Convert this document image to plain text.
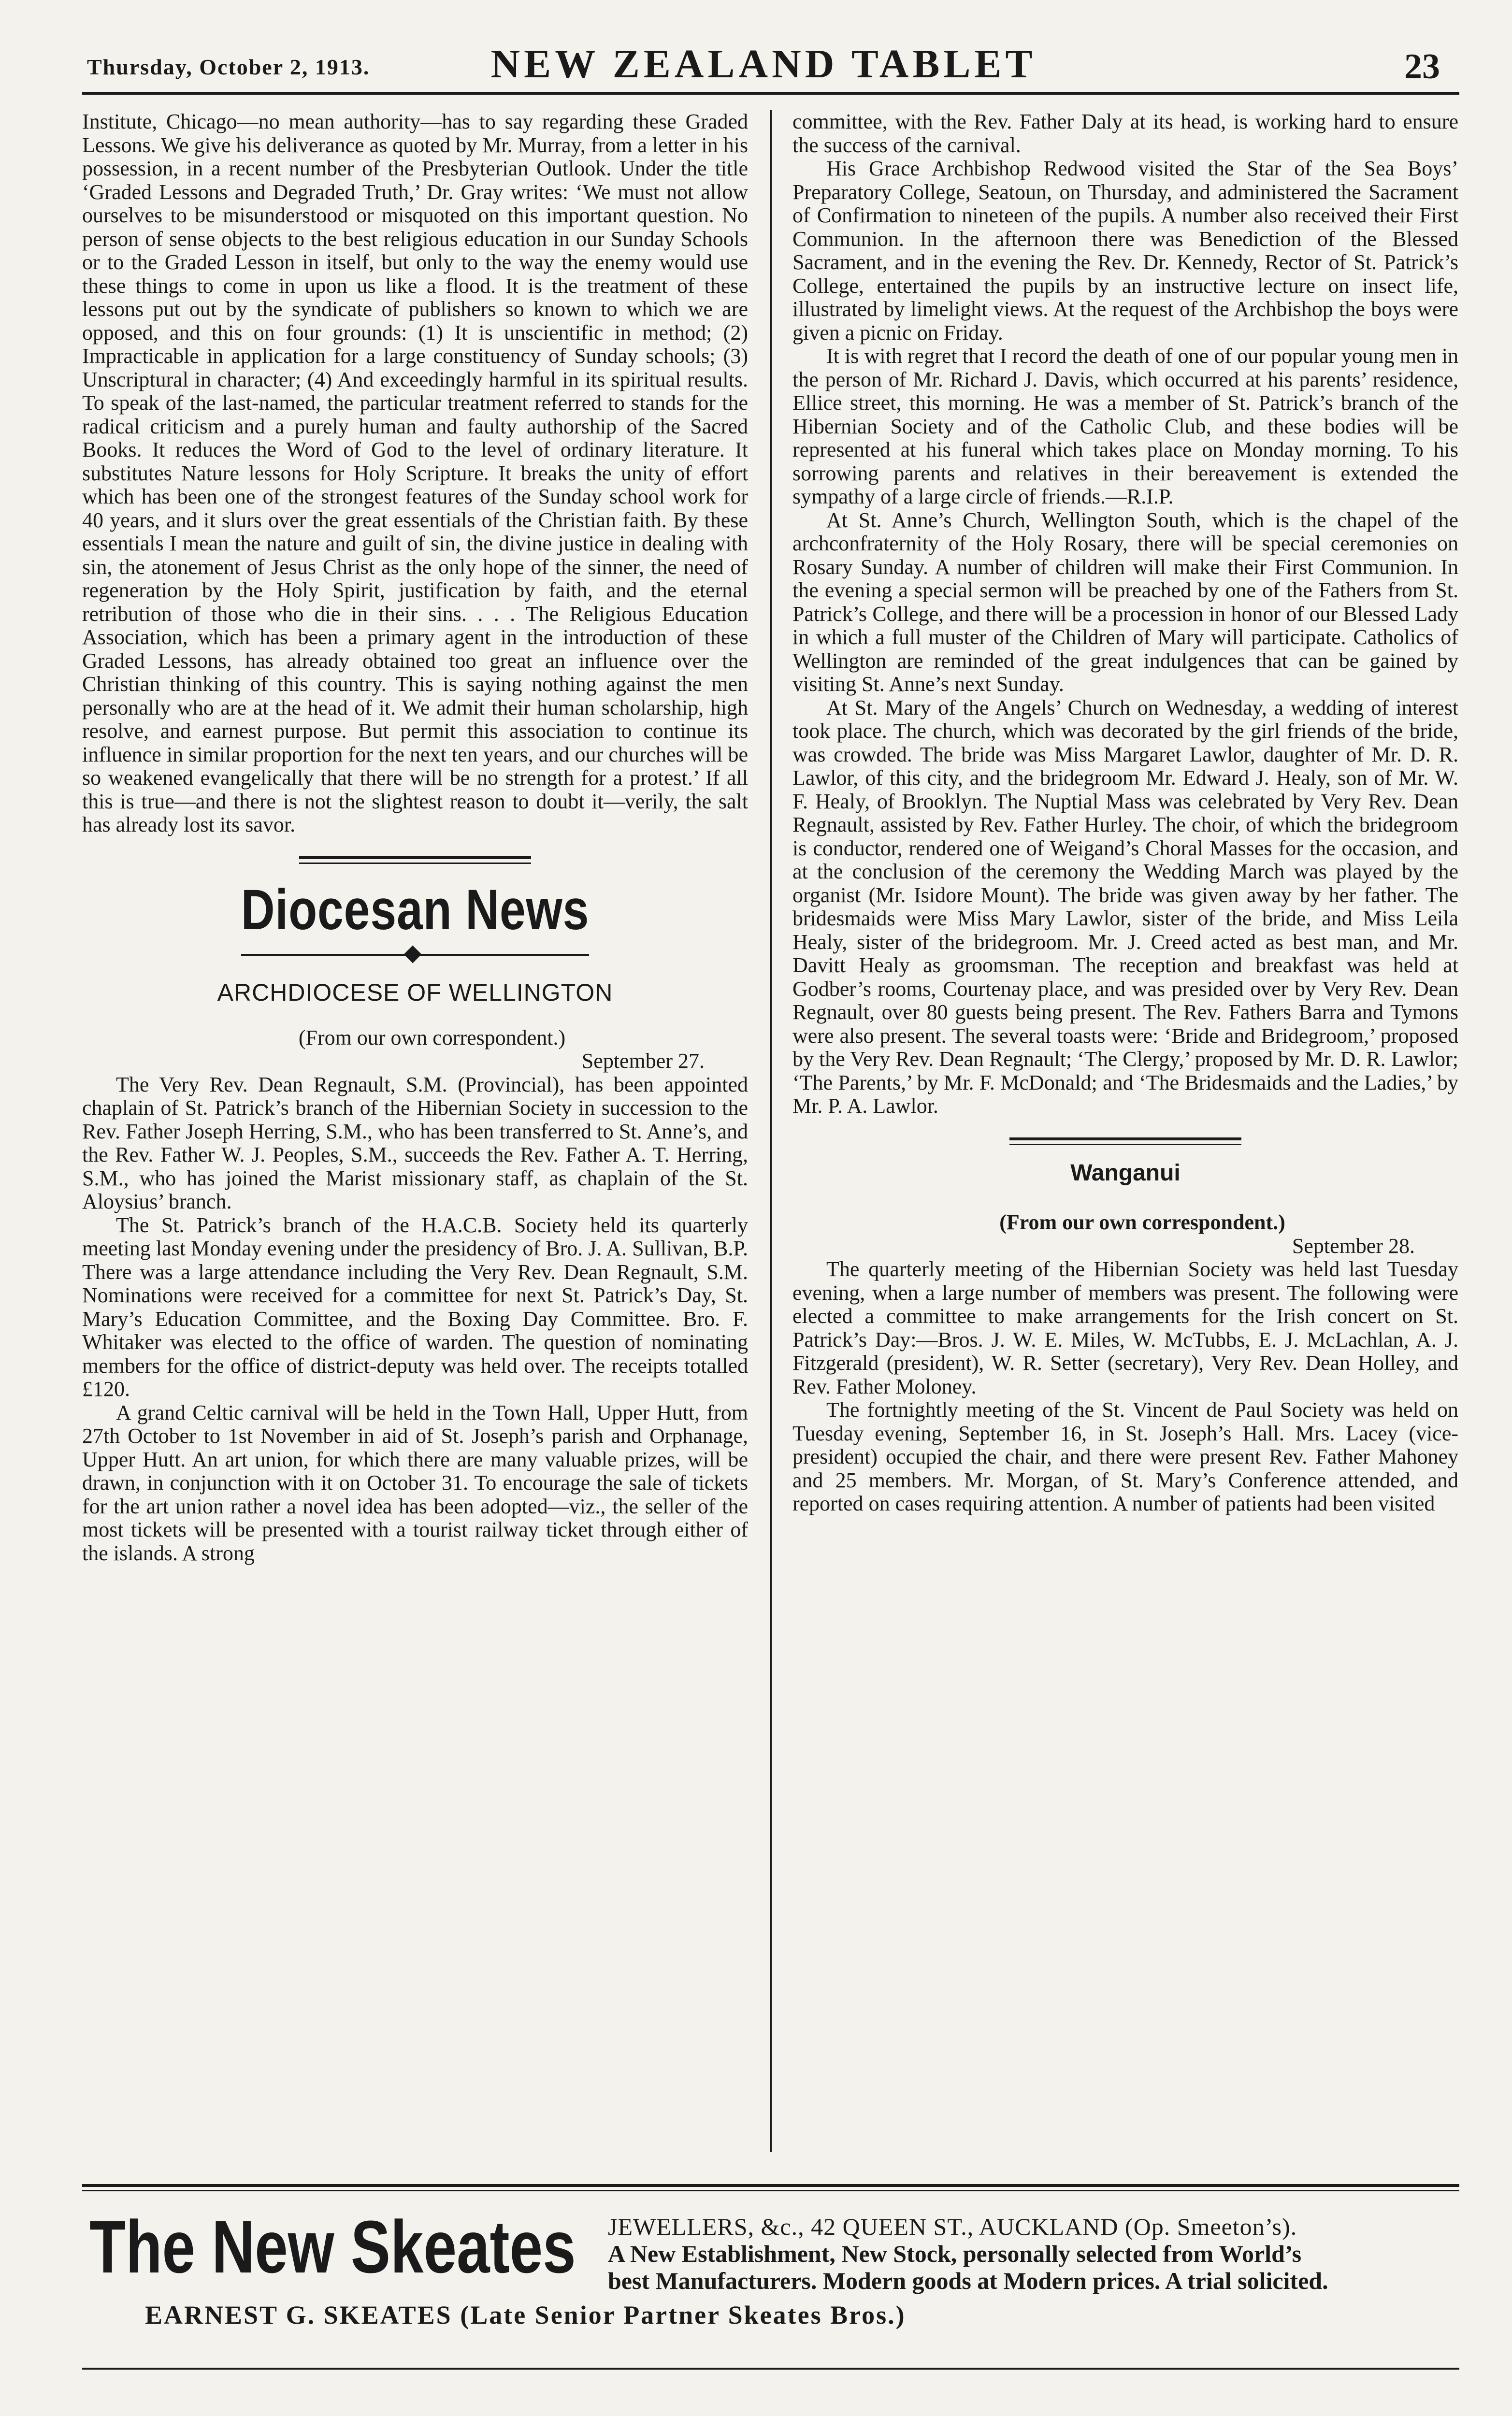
Thursday, October 2, 1913.	NEW ZEALAND TABLET	23

Institute, Chicago—no mean authority—has to say regarding these Graded Lessons. We give his deliverance as quoted by Mr. Murray, from a letter in his possession, in a recent number of the Presbyterian Outlook. Under the title ‘Graded Lessons and Degraded Truth,’ Dr. Gray writes: ‘We must not allow ourselves to be misunderstood or misquoted on this important question. No person of sense objects to the best religious education in our Sunday Schools or to the Graded Lesson in itself, but only to the way the enemy would use these things to come in upon us like a flood. It is the treatment of these lessons put out by the syndicate of publishers so known to which we are opposed, and this on four grounds: (1) It is unscientific in method; (2) Impracticable in application for a large constituency of Sunday schools; (3) Unscriptural in character; (4) And exceedingly harmful in its spiritual results. To speak of the last-named, the particular treatment referred to stands for the radical criticism and a purely human and faulty authorship of the Sacred Books. It reduces the Word of God to the level of ordinary literature. It substitutes Nature lessons for Holy Scripture. It breaks the unity of effort which has been one of the strongest features of the Sunday school work for 40 years, and it slurs over the great essentials of the Christian faith. By these essentials I mean the nature and guilt of sin, the divine justice in dealing with sin, the atonement of Jesus Christ as the only hope of the sinner, the need of regeneration by the Holy Spirit, justification by faith, and the eternal retribution of those who die in their sins. . . . The Religious Education Association, which has been a primary agent in the introduction of these Graded Lessons, has already obtained too great an influence over the Christian thinking of this country. This is saying nothing against the men personally who are at the head of it. We admit their human scholarship, high resolve, and earnest purpose. But permit this association to continue its influence in similar proportion for the next ten years, and our churches will be so weakened evangelically that there will be no strength for a protest.’ If all this is true—and there is not the slightest reason to doubt it—verily, the salt has already lost its savor.

Diocesan News
ARCHDIOCESE OF WELLINGTON

(From our own correspondent.)

September 27.

The Very Rev. Dean Regnault, S.M. (Provincial), has been appointed chaplain of St. Patrick’s branch of the Hibernian Society in succession to the Rev. Father Joseph Herring, S.M., who has been transferred to St. Anne’s, and the Rev. Father W. J. Peoples, S.M., succeeds the Rev. Father A. T. Herring, S.M., who has joined the Marist missionary staff, as chaplain of the St. Aloysius’ branch.

The St. Patrick’s branch of the H.A.C.B. Society held its quarterly meeting last Monday evening under the presidency of Bro. J. A. Sullivan, B.P. There was a large attendance including the Very Rev. Dean Regnault, S.M. Nominations were received for a committee for next St. Patrick’s Day, St. Mary’s Education Committee, and the Boxing Day Committee. Bro. F. Whitaker was elected to the office of warden. The question of nominating members for the office of district-deputy was held over. The receipts totalled £120.

A grand Celtic carnival will be held in the Town Hall, Upper Hutt, from 27th October to 1st November in aid of St. Joseph’s parish and Orphanage, Upper Hutt. An art union, for which there are many valuable prizes, will be drawn, in conjunction with it on October 31. To encourage the sale of tickets for the art union rather a novel idea has been adopted—viz., the seller of the most tickets will be presented with a tourist railway ticket through either of the islands. A strong

committee, with the Rev. Father Daly at its head, is working hard to ensure the success of the carnival.

His Grace Archbishop Redwood visited the Star of the Sea Boys’ Preparatory College, Seatoun, on Thursday, and administered the Sacrament of Confirmation to nineteen of the pupils. A number also received their First Communion. In the afternoon there was Benediction of the Blessed Sacrament, and in the evening the Rev. Dr. Kennedy, Rector of St. Patrick’s College, entertained the pupils by an instructive lecture on insect life, illustrated by limelight views. At the request of the Archbishop the boys were given a picnic on Friday.

It is with regret that I record the death of one of our popular young men in the person of Mr. Richard J. Davis, which occurred at his parents’ residence, Ellice street, this morning. He was a member of St. Patrick’s branch of the Hibernian Society and of the Catholic Club, and these bodies will be represented at his funeral which takes place on Monday morning. To his sorrowing parents and relatives in their bereavement is extended the sympathy of a large circle of friends.—R.I.P.

At St. Anne’s Church, Wellington South, which is the chapel of the archconfraternity of the Holy Rosary, there will be special ceremonies on Rosary Sunday. A number of children will make their First Communion. In the evening a special sermon will be preached by one of the Fathers from St. Patrick’s College, and there will be a procession in honor of our Blessed Lady in which a full muster of the Children of Mary will participate. Catholics of Wellington are reminded of the great indulgences that can be gained by visiting St. Anne’s next Sunday.

At St. Mary of the Angels’ Church on Wednesday, a wedding of interest took place. The church, which was decorated by the girl friends of the bride, was crowded. The bride was Miss Margaret Lawlor, daughter of Mr. D. R. Lawlor, of this city, and the bridegroom Mr. Edward J. Healy, son of Mr. W. F. Healy, of Brooklyn. The Nuptial Mass was celebrated by Very Rev. Dean Regnault, assisted by Rev. Father Hurley. The choir, of which the bridegroom is conductor, rendered one of Weigand’s Choral Masses for the occasion, and at the conclusion of the ceremony the Wedding March was played by the organist (Mr. Isidore Mount). The bride was given away by her father. The bridesmaids were Miss Mary Lawlor, sister of the bride, and Miss Leila Healy, sister of the bridegroom. Mr. J. Creed acted as best man, and Mr. Davitt Healy as groomsman. The reception and breakfast was held at Godber’s rooms, Courtenay place, and was presided over by Very Rev. Dean Regnault, over 80 guests being present. The Rev. Fathers Barra and Tymons were also present. The several toasts were: ‘Bride and Bridegroom,’ proposed by the Very Rev. Dean Regnault; ‘The Clergy,’ proposed by Mr. D. R. Lawlor; ‘The Parents,’ by Mr. F. McDonald; and ‘The Bridesmaids and the Ladies,’ by Mr. P. A. Lawlor.

Wanganui

(From our own correspondent.)

September 28.

The quarterly meeting of the Hibernian Society was held last Tuesday evening, when a large number of members was present. The following were elected a committee to make arrangements for the Irish concert on St. Patrick’s Day:—Bros. J. W. E. Miles, W. McTubbs, E. J. McLachlan, A. J. Fitzgerald (president), W. R. Setter (secretary), Very Rev. Dean Holley, and Rev. Father Moloney.

The fortnightly meeting of the St. Vincent de Paul Society was held on Tuesday evening, September 16, in St. Joseph’s Hall. Mrs. Lacey (vice-president) occupied the chair, and there were present Rev. Father Mahoney and 25 members. Mr. Morgan, of St. Mary’s Conference attended, and reported on cases requiring attention. A number of patients had been visited

The New Skeates JEWELLERS, &c., 42 QUEEN ST., AUCKLAND (Op. Smeeton’s).
A New Establishment, New Stock, personally selected from World’s
best Manufacturers. Modern goods at Modern prices. A trial solicited.
EARNEST G. SKEATES (Late Senior Partner Skeates Bros.)
